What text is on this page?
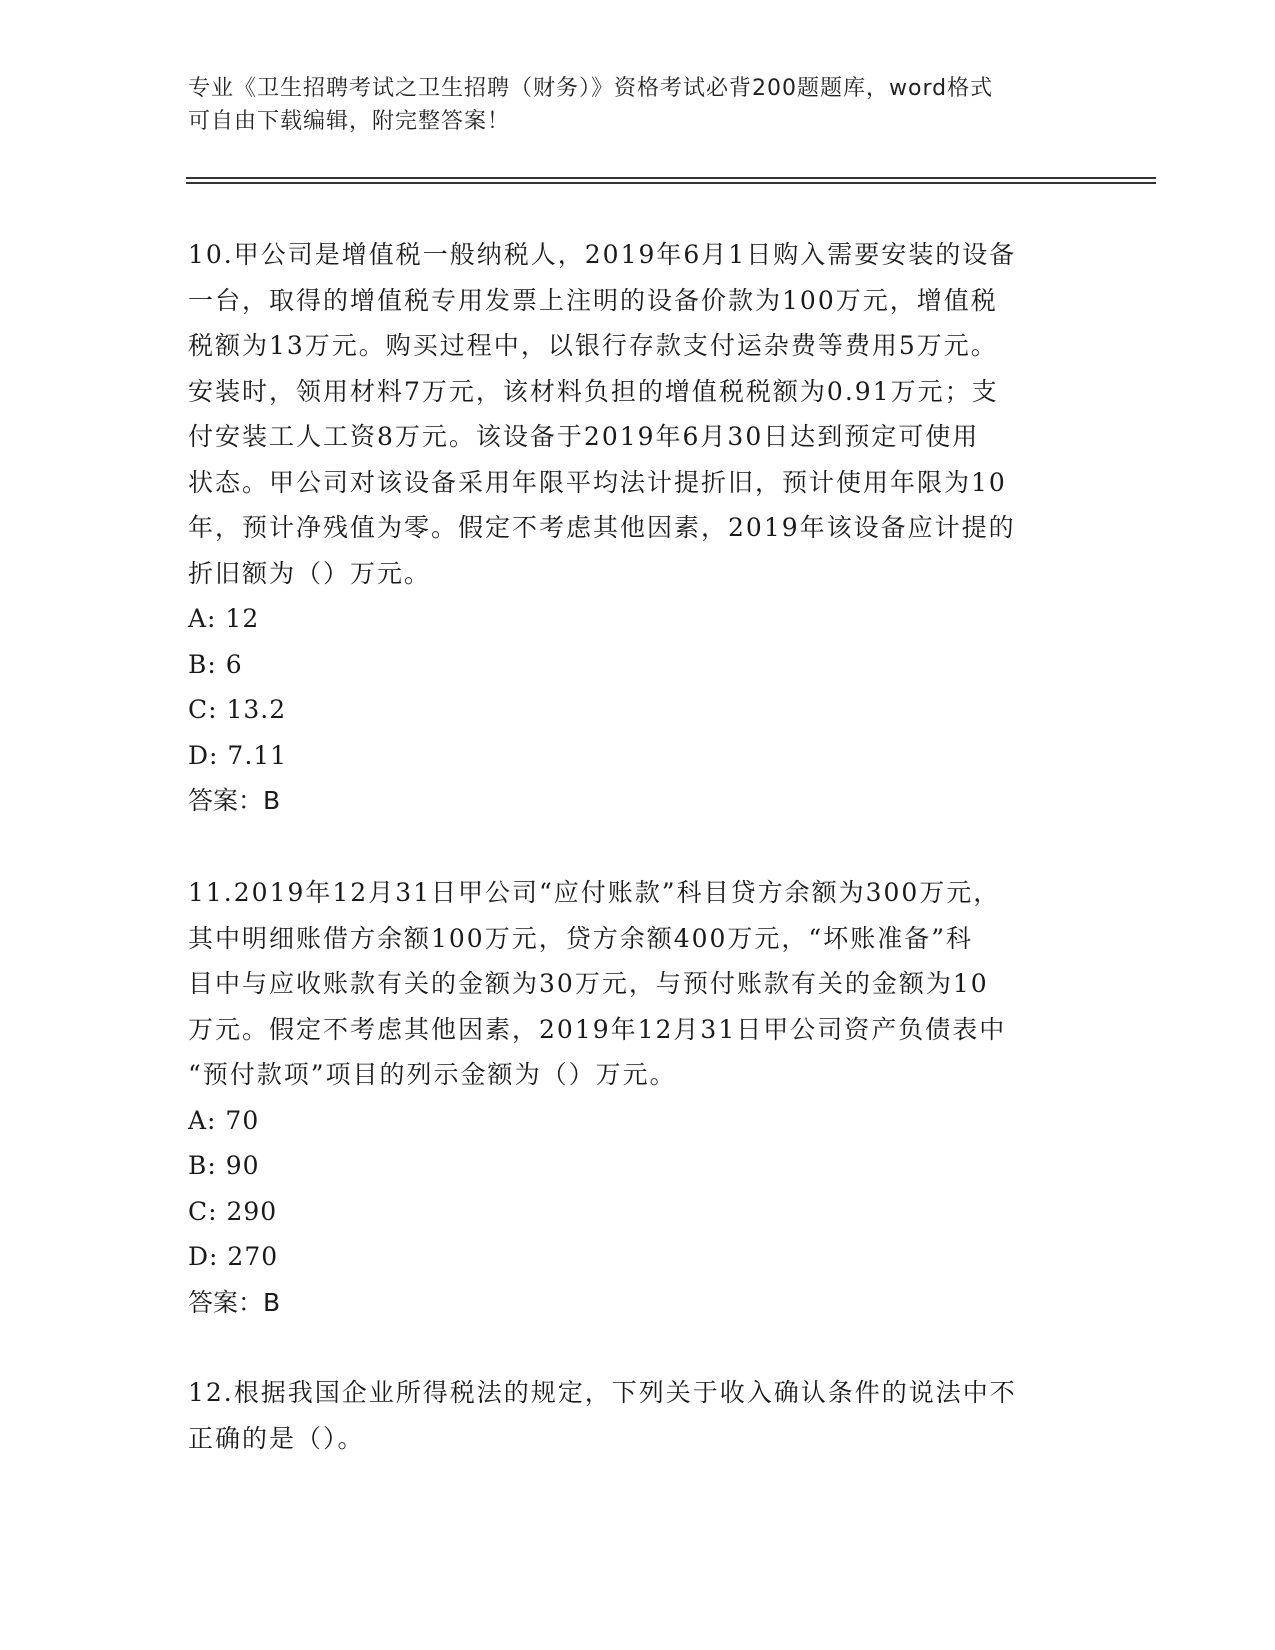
专业《卫生招聘考试之卫生招聘（财务）》资格考试必背200题题库，word格式
可自由下载编辑，附完整答案！

10.甲公司是增值税一般纳税人，2019年6月1日购入需要安装的设备
一台，取得的增值税专用发票上注明的设备价款为100万元，增值税
税额为13万元。购买过程中，以银行存款支付运杂费等费用5万元。
安装时，领用材料7万元，该材料负担的增值税税额为0.91万元；支
付安装工人工资8万元。该设备于2019年6月30日达到预定可使用
状态。甲公司对该设备采用年限平均法计提折旧，预计使用年限为10
年，预计净残值为零。假定不考虑其他因素，2019年该设备应计提的
折旧额为（）万元。

A: 12

B: 6

C: 13.2

D: 7.11

答案：B

11.2019年12月31日甲公司“应付账款”科目贷方余额为300万元，
其中明细账借方余额100万元，贷方余额400万元，“坏账准备”科
目中与应收账款有关的金额为30万元，与预付账款有关的金额为10
万元。假定不考虑其他因素，2019年12月31日甲公司资产负债表中
“预付款项”项目的列示金额为（）万元。

A: 70

B: 90

C: 290

D: 270

答案：B

12.根据我国企业所得税法的规定，下列关于收入确认条件的说法中不
正确的是（）。
